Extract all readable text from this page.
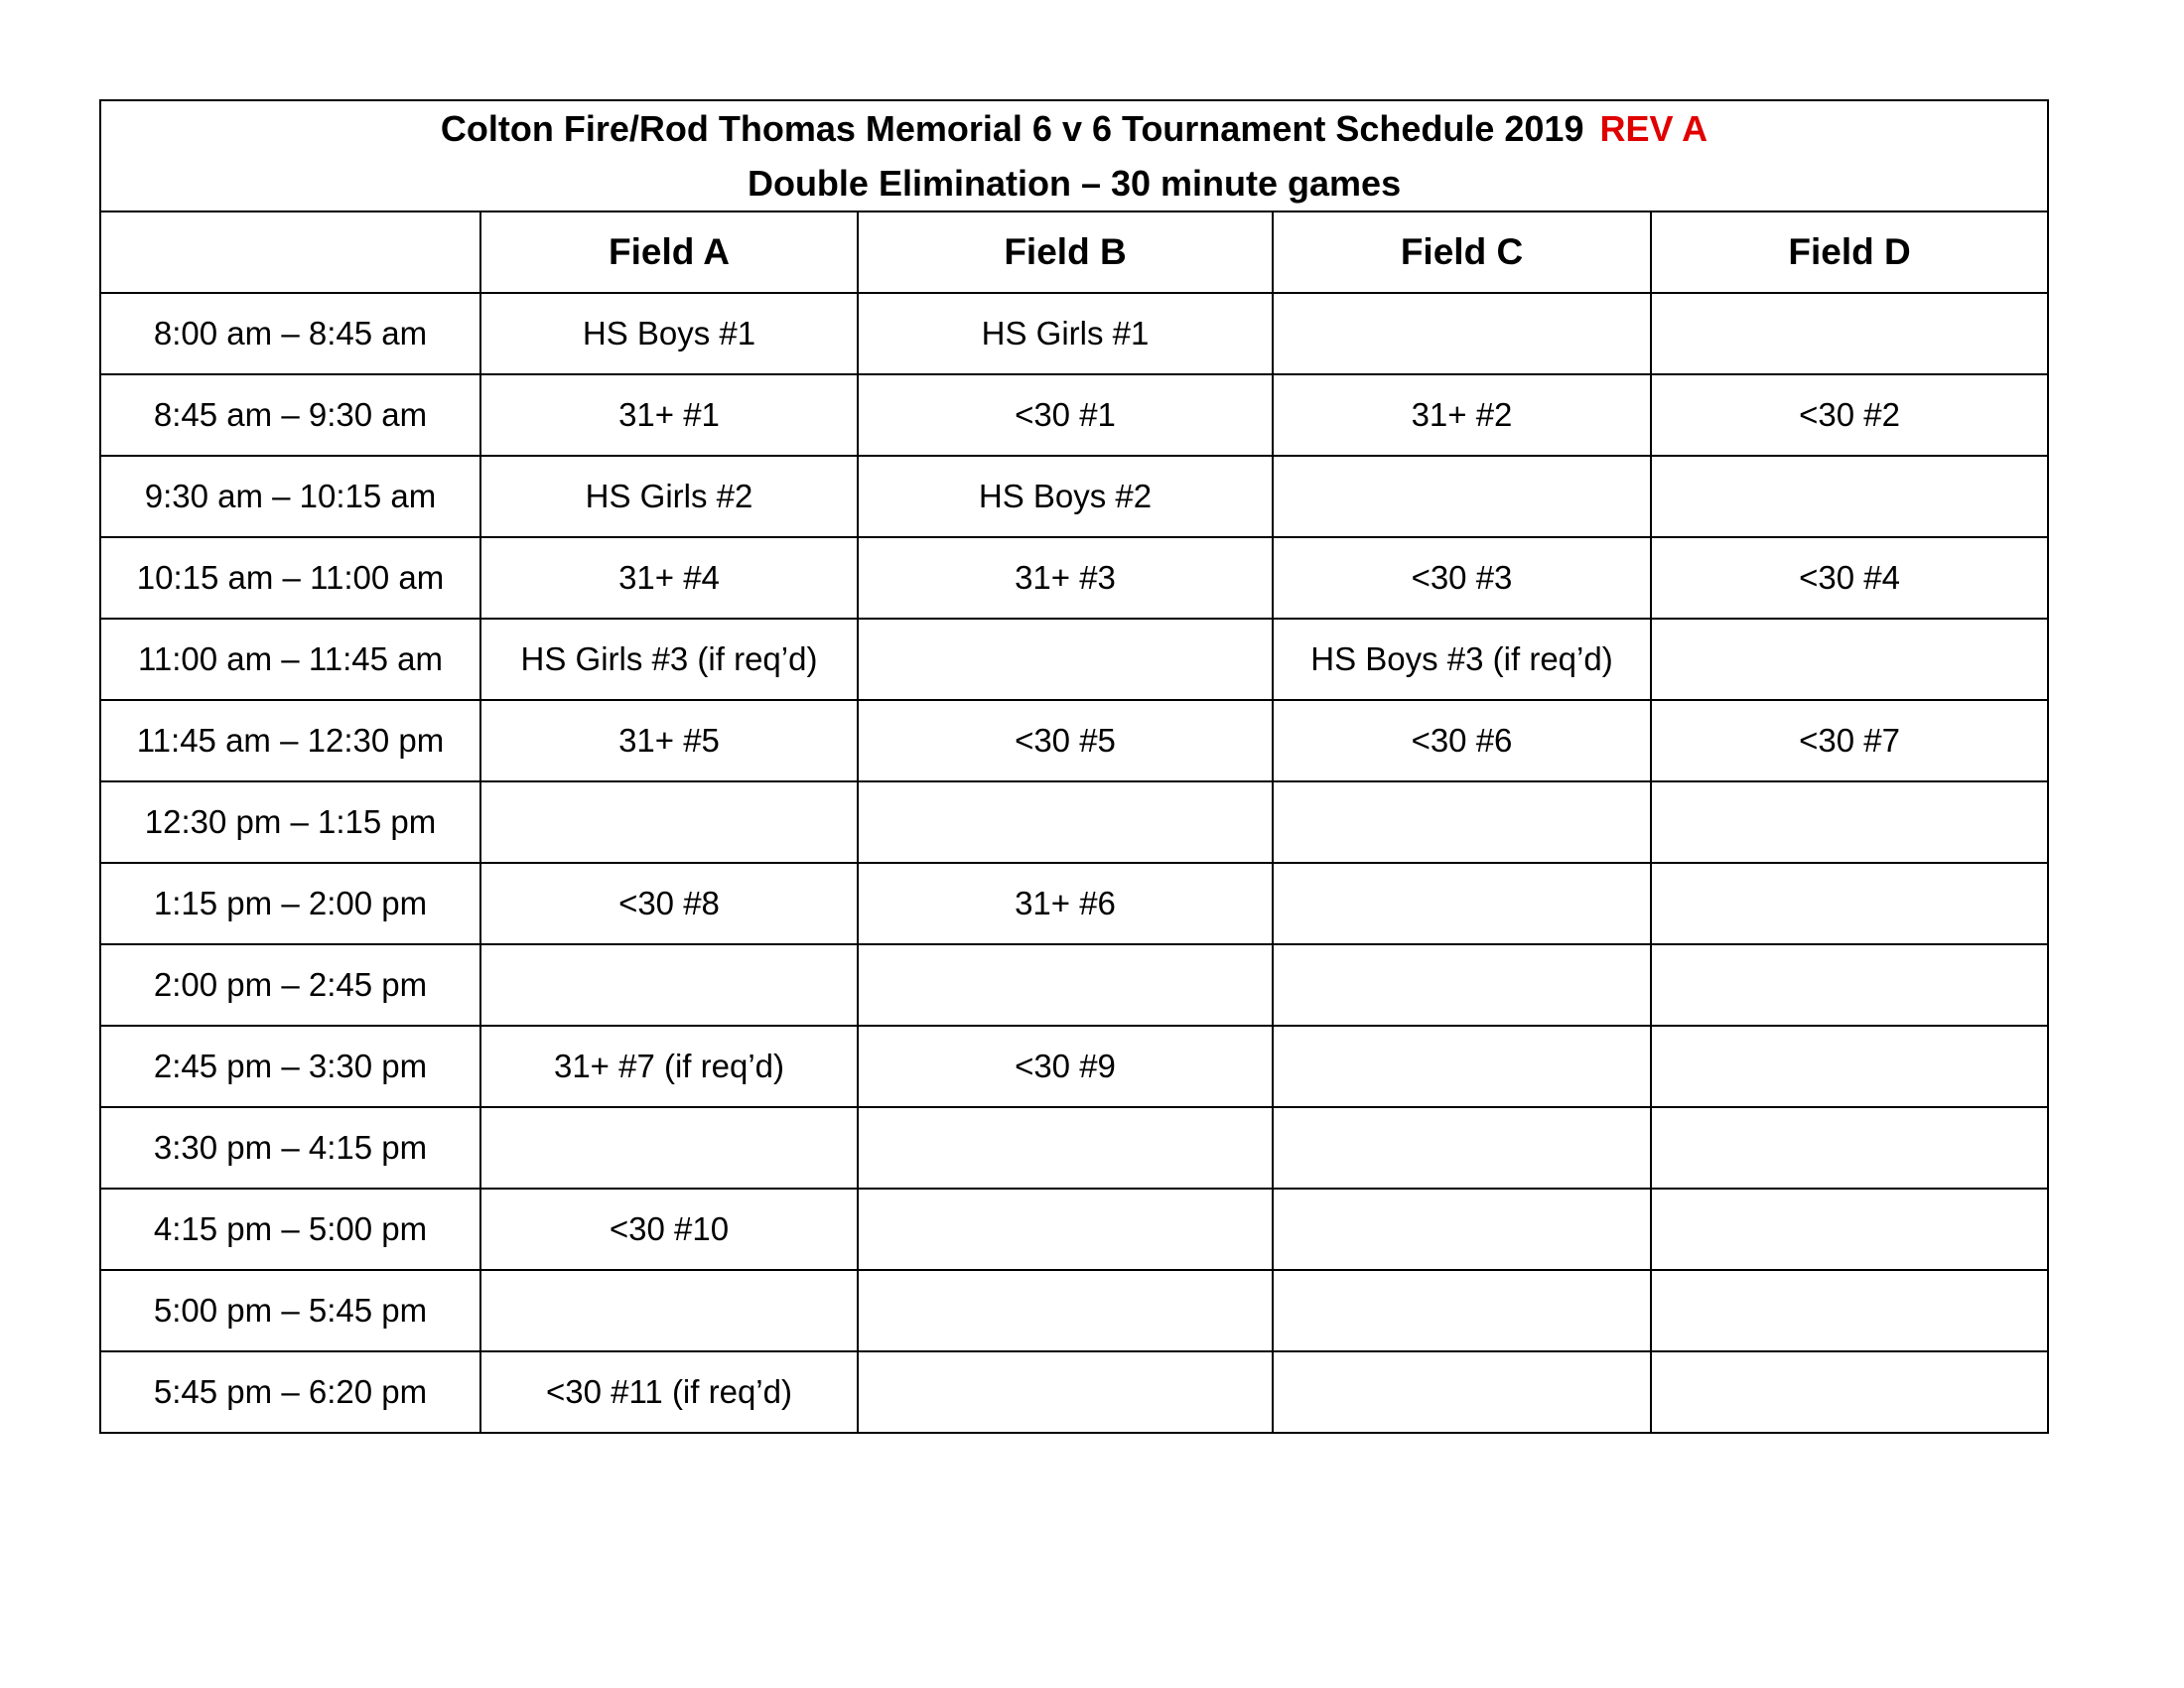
Colton Fire/Rod Thomas Memorial 6 v 6 Tournament Schedule 2019 REV A
Double Elimination – 30 minute games				
	Field A	Field B	Field C	Field D
8:00 am – 8:45 am	HS Boys #1	HS Girls #1		
8:45 am – 9:30 am	31+ #1	<30 #1	31+ #2	<30 #2
9:30 am – 10:15 am	HS Girls #2	HS Boys #2		
10:15 am – 11:00 am	31+ #4	31+ #3	<30 #3	<30 #4
11:00 am – 11:45 am	HS Girls #3 (if req’d)		HS Boys #3 (if req’d)	
11:45 am – 12:30 pm	31+ #5	<30 #5	<30 #6	<30 #7
12:30 pm – 1:15 pm				
1:15 pm – 2:00 pm	<30 #8	31+ #6		
2:00 pm – 2:45 pm				
2:45 pm – 3:30 pm	31+ #7 (if req’d)	<30 #9		
3:30 pm – 4:15 pm				
4:15 pm – 5:00 pm	<30 #10			
5:00 pm – 5:45 pm				
5:45 pm – 6:20 pm	<30 #11 (if req’d)			
